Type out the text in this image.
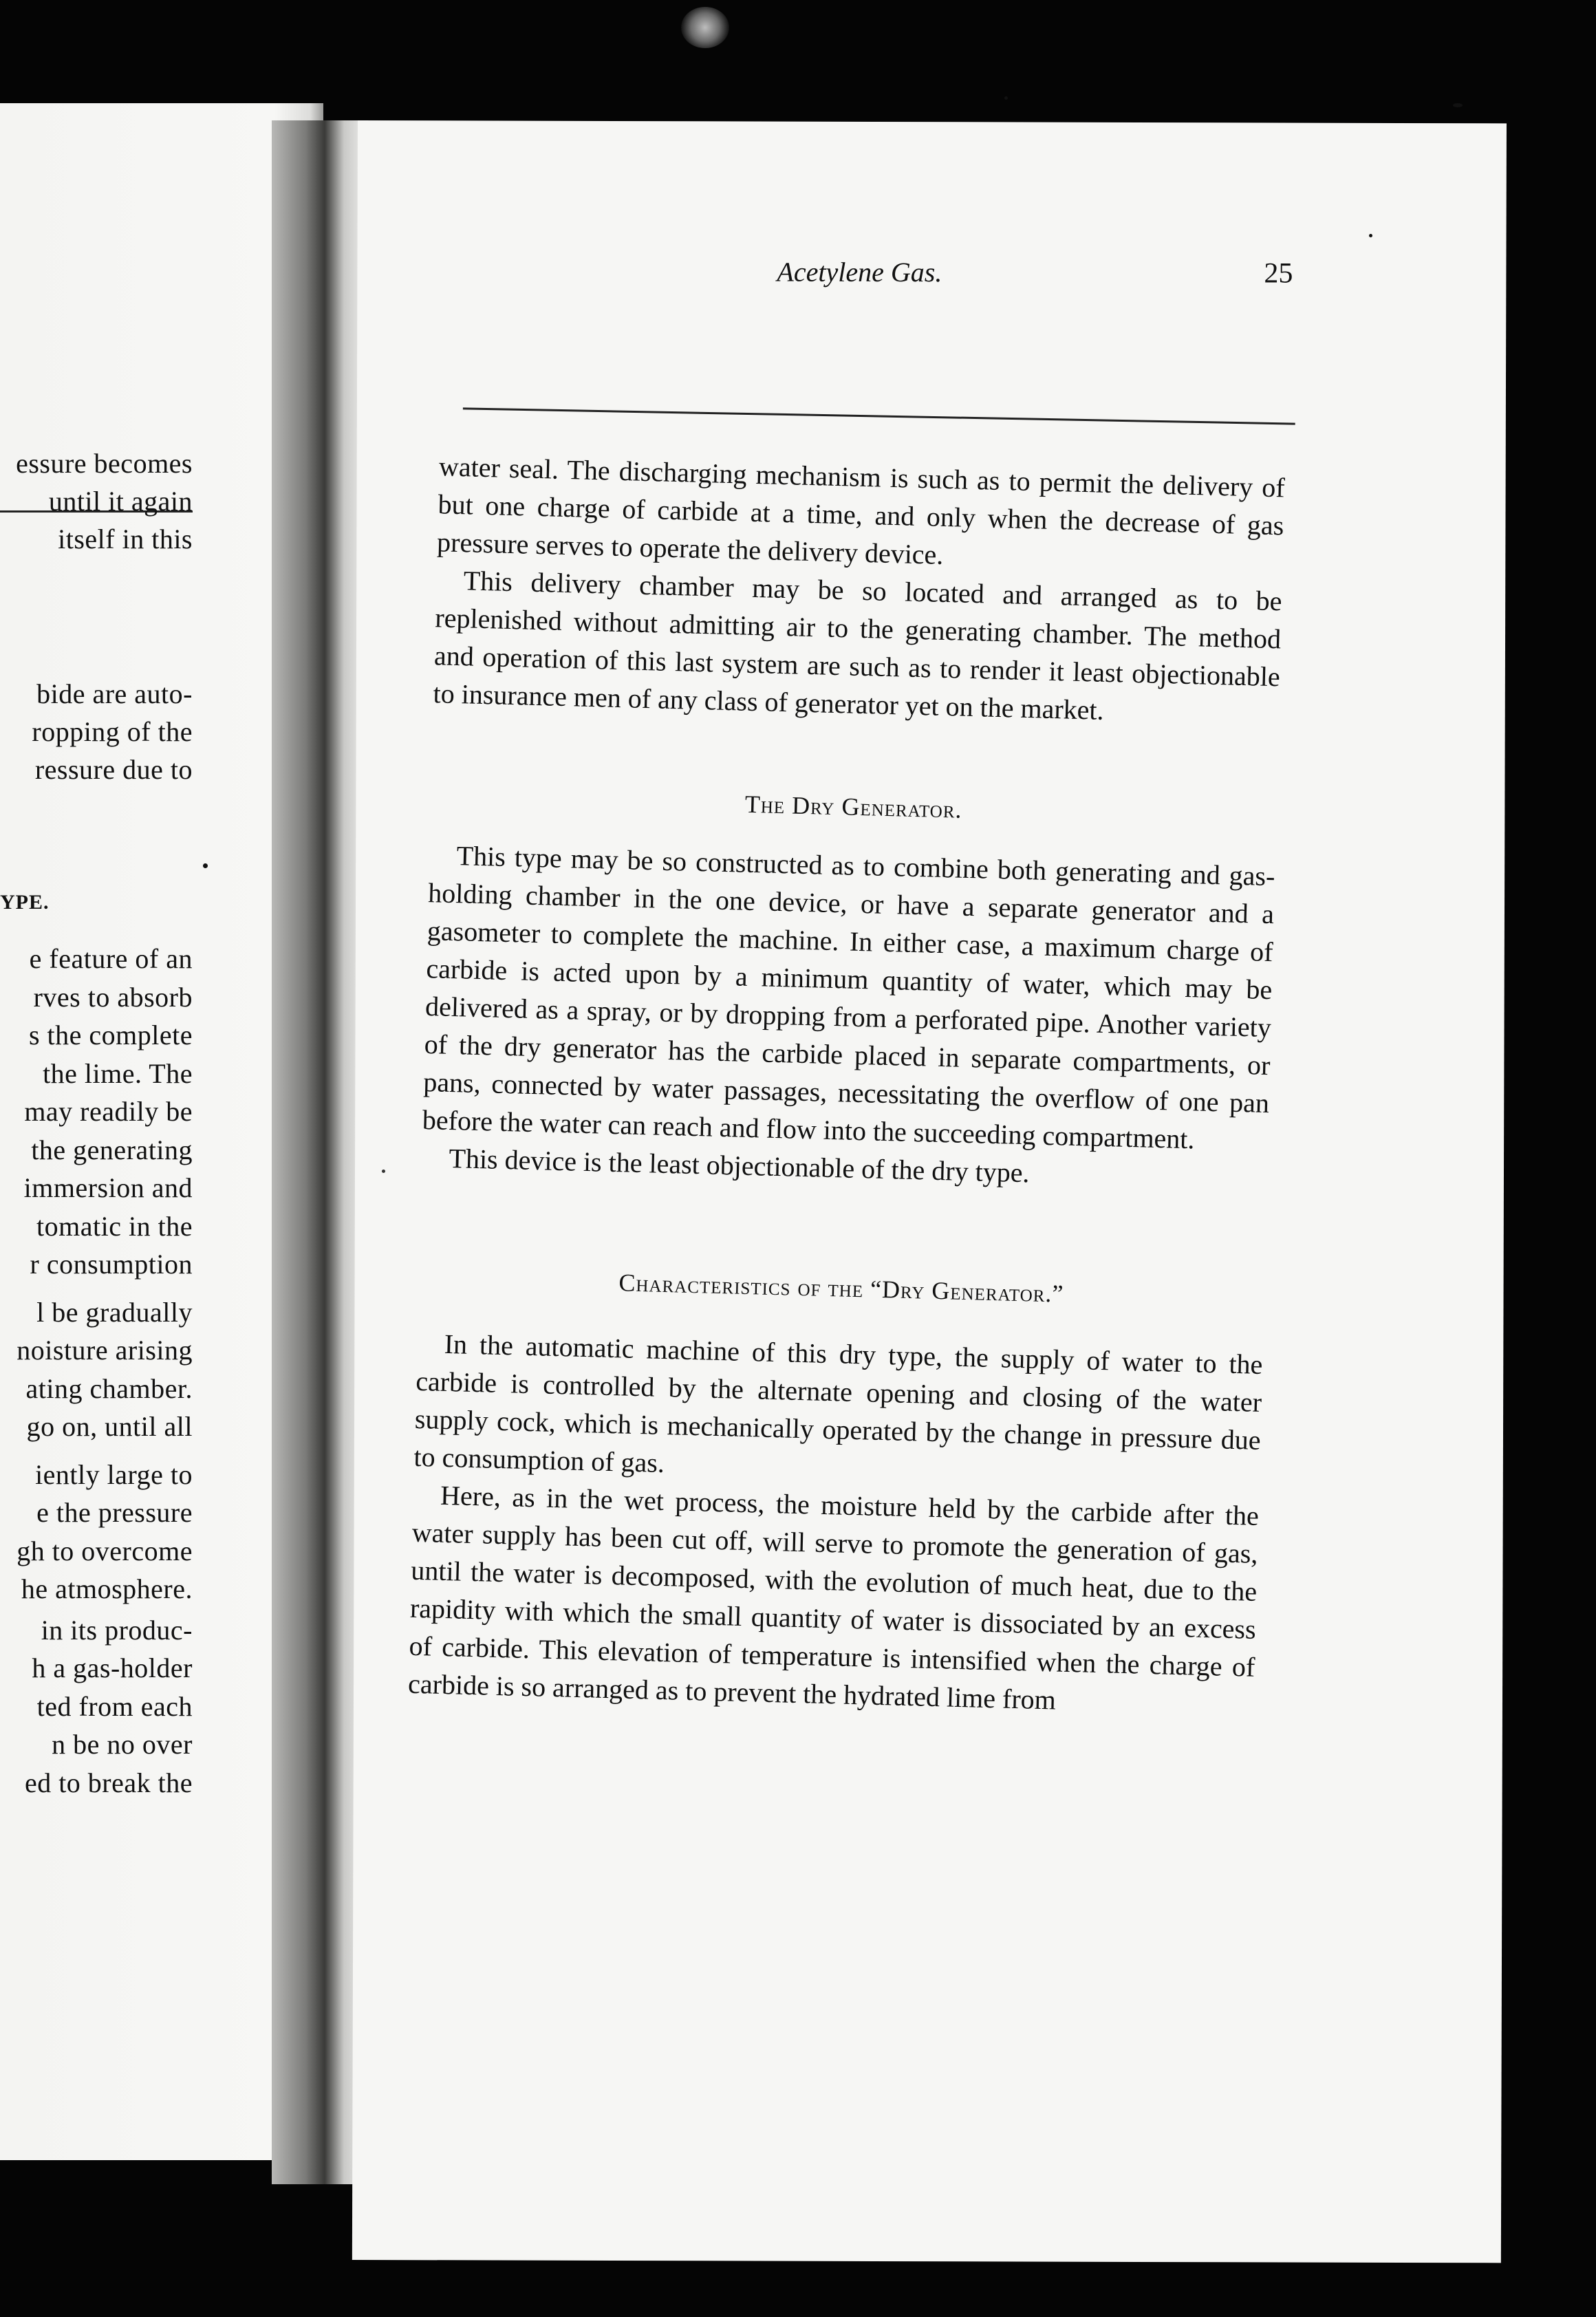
essure becomes
until it again
itself in this
bide are auto-
ropping of the
ressure due to
YPE.
e feature of an
rves to absorb
s the complete
the lime. The
may readily be
the generating
immersion and
tomatic in the
r consumption
l be gradually
noisture arising
ating chamber.
go on, until all
iently large to
e the pressure
gh to overcome
he atmosphere.
in its produc-
h a gas-holder
ted from each
n be no over
ed to break the
Acetylene Gas.	25

water seal. The discharging mechanism is such as to permit the delivery of but one charge of carbide at a time, and only when the decrease of gas pressure serves to operate the delivery device.

This delivery chamber may be so located and arranged as to be replenished without admitting air to the generating chamber. The method and operation of this last system are such as to render it least objectionable to insurance men of any class of generator yet on the market.

The Dry Generator.

This type may be so constructed as to combine both generating and gas-holding chamber in the one device, or have a separate generator and a gasometer to complete the machine. In either case, a maximum charge of carbide is acted upon by a minimum quantity of water, which may be delivered as a spray, or by dropping from a perforated pipe. Another variety of the dry generator has the carbide placed in separate compartments, or pans, connected by water passages, necessitating the overflow of one pan before the water can reach and flow into the succeeding compartment.

This device is the least objectionable of the dry type.

Characteristics of the “Dry Generator.”

In the automatic machine of this dry type, the supply of water to the carbide is controlled by the alternate opening and closing of the water supply cock, which is mechanically operated by the change in pressure due to consumption of gas.

Here, as in the wet process, the moisture held by the carbide after the water supply has been cut off, will serve to promote the generation of gas, until the water is decomposed, with the evolution of much heat, due to the rapidity with which the small quantity of water is dissociated by an excess of carbide. This elevation of temperature is intensified when the charge of carbide is so arranged as to prevent the hydrated lime from
